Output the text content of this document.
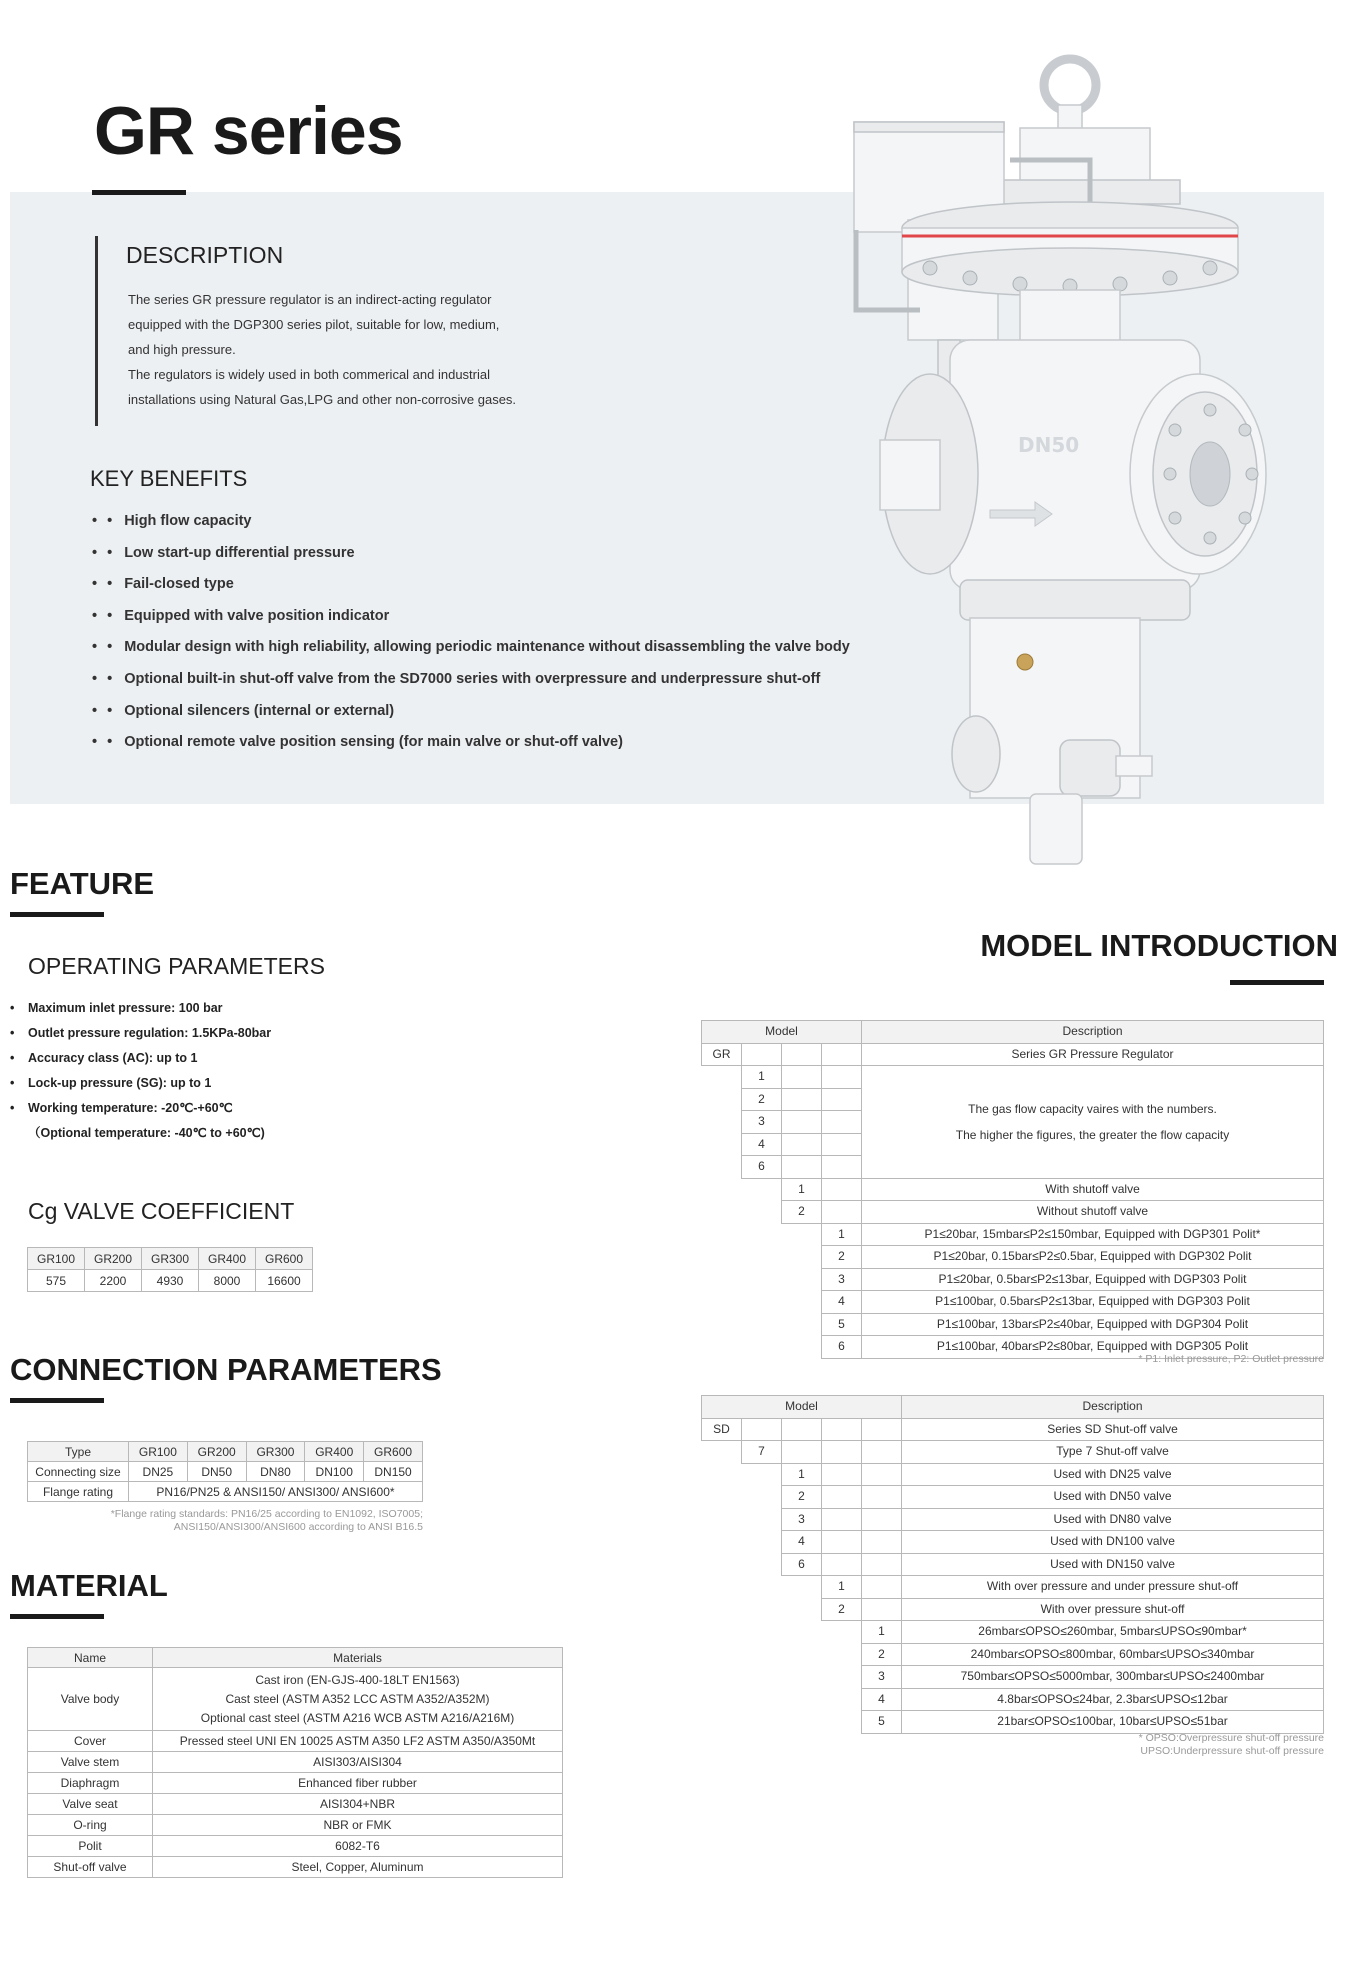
GR series
DESCRIPTION
The series GR pressure regulator is an indirect-acting regulator
equipped with the DGP300 series pilot, suitable for low, medium,
and high pressure.
The regulators is widely used in both commerical and industrial
installations using Natural Gas,LPG and other non-corrosive gases.
KEY BENEFITS
• • High flow capacity
• • Low start-up differential pressure
• • Fail-closed type
• • Equipped with valve position indicator
• • Modular design with high reliability, allowing periodic maintenance without disassembling the valve body
• • Optional built-in shut-off valve from the SD7000 series with overpressure and underpressure shut-off
• • Optional silencers (internal or external)
• • Optional remote valve position sensing (for main valve or shut-off valve)
DN50
FEATURE
OPERATING PARAMETERS
• Maximum inlet pressure: 100 bar
• Outlet pressure regulation: 1.5KPa-80bar
• Accuracy class (AC): up to 1
• Lock-up pressure (SG): up to 1
• Working temperature: -20℃-+60℃
（Optional temperature: -40℃ to +60℃)
Cg VALVE COEFFICIENT
GR100	GR200	GR300	GR400	GR600
575	2200	4930	8000	16600
CONNECTION PARAMETERS
Type	GR100	GR200	GR300	GR400	GR600
Connecting size	DN25	DN50	DN80	DN100	DN150
Flange rating	PN16/PN25 & ANSI150/ ANSI300/ ANSI600*				
*Flange rating standards: PN16/25 according to EN1092, ISO7005;
ANSI150/ANSI300/ANSI600 according to ANSI B16.5
MATERIAL
Name	Materials
Valve body	Cast iron (EN-GJS-400-18LT EN1563)
Cast steel (ASTM A352 LCC ASTM A352/A352M)
Optional cast steel (ASTM A216 WCB ASTM A216/A216M)

Cover	Pressed steel UNI EN 10025 ASTM A350 LF2 ASTM A350/A350Mt
Valve stem	AISI303/AISI304
Diaphragm	Enhanced fiber rubber
Valve seat	AISI304+NBR
O-ring	NBR or FMK
Polit	6082-T6
Shut-off valve	Steel, Copper, Aluminum
MODEL INTRODUCTION
Model				Description
GR				Series GR Pressure Regulator
	1			The gas flow capacity vaires with the numbers.
The higher the figures, the greater the flow capacity

	2			
	3			
	4			
	6			
		1		With shutoff valve
		2		Without shutoff valve
			1	P1≤20bar, 15mbar≤P2≤150mbar, Equipped with DGP301 Polit*
			2	P1≤20bar, 0.15bar≤P2≤0.5bar, Equipped with DGP302 Polit
			3	P1≤20bar, 0.5bar≤P2≤13bar, Equipped with DGP303 Polit
			4	P1≤100bar, 0.5bar≤P2≤13bar, Equipped with DGP303 Polit
			5	P1≤100bar, 13bar≤P2≤40bar, Equipped with DGP304 Polit
			6	P1≤100bar, 40bar≤P2≤80bar, Equipped with DGP305 Polit
* P1: Inlet pressure, P2: Outlet pressure
Model					Description
SD					Series SD Shut-off valve
	7				Type 7 Shut-off valve
		1			Used with DN25 valve
		2			Used with DN50 valve
		3			Used with DN80 valve
		4			Used with DN100 valve
		6			Used with DN150 valve
			1		With over pressure and under pressure shut-off
			2		With over pressure shut-off
				1	26mbar≤OPSO≤260mbar, 5mbar≤UPSO≤90mbar*
				2	240mbar≤OPSO≤800mbar, 60mbar≤UPSO≤340mbar
				3	750mbar≤OPSO≤5000mbar, 300mbar≤UPSO≤2400mbar
				4	4.8bar≤OPSO≤24bar, 2.3bar≤UPSO≤12bar
				5	21bar≤OPSO≤100bar, 10bar≤UPSO≤51bar
* OPSO:Overpressure shut-off pressure
UPSO:Underpressure shut-off pressure
